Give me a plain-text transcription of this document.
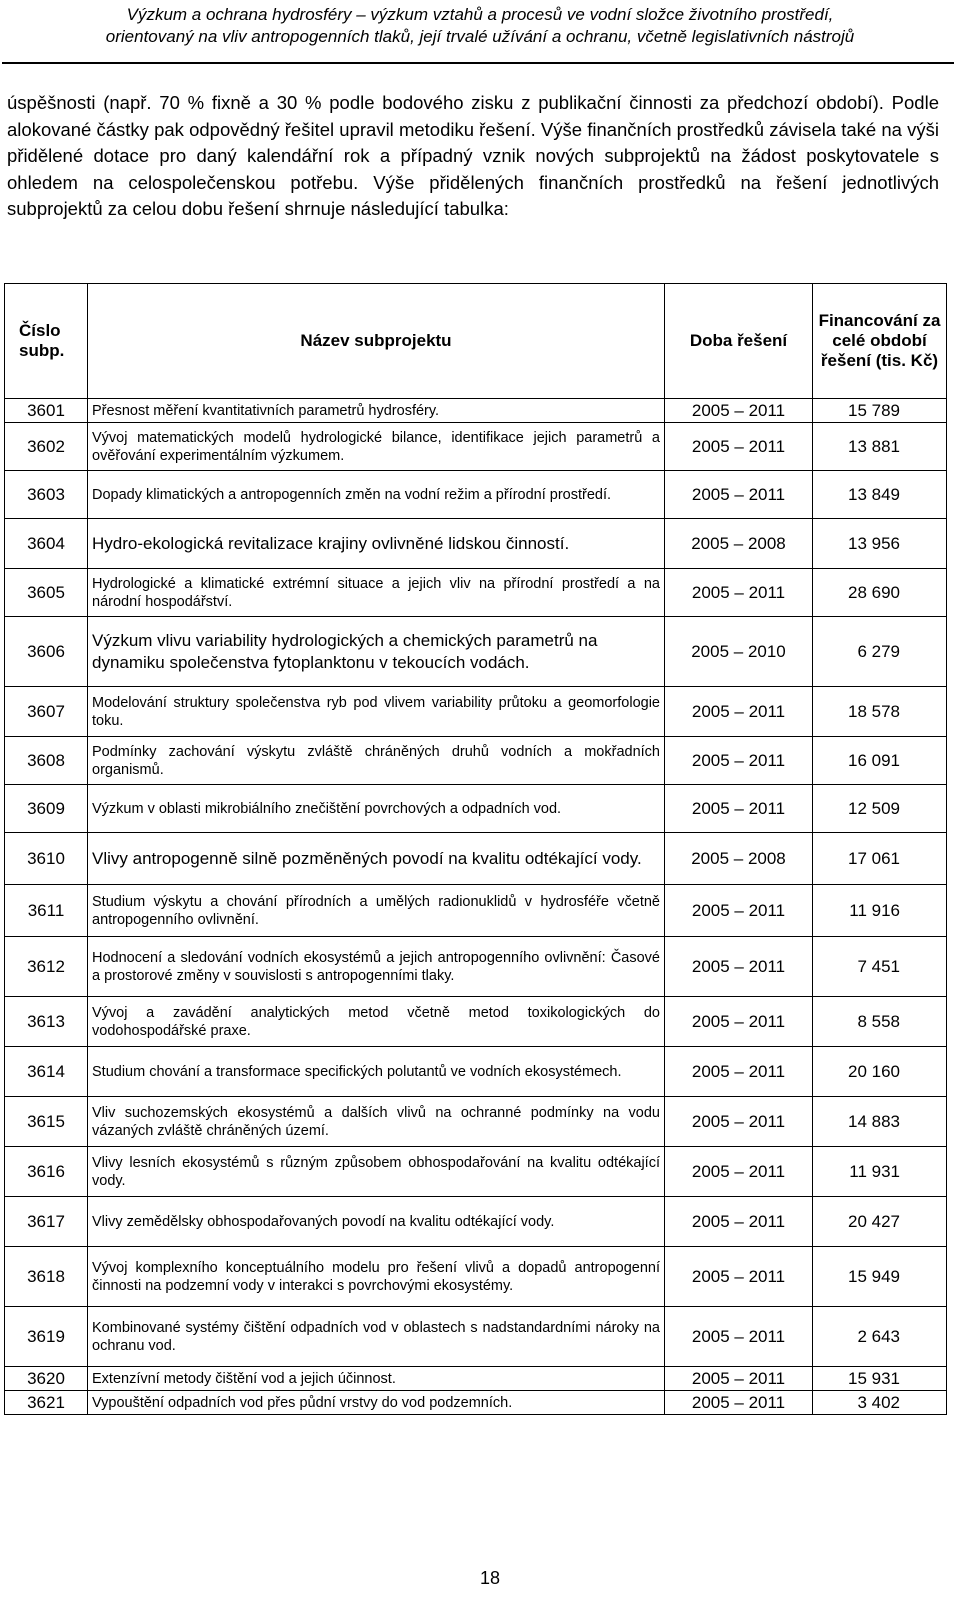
Výzkum a ochrana hydrosféry – výzkum vztahů a procesů ve vodní složce životního prostředí,
orientovaný na vliv antropogenních tlaků, její trvalé užívání a ochranu, včetně legislativních nástrojů

úspěšnosti (např. 70 % fixně a 30 % podle bodového zisku z publikační činnosti za předchozí období). Podle alokované částky pak odpovědný řešitel upravil metodiku řešení. Výše finančních prostředků závisela také na výši přidělené dotace pro daný kalendářní rok a případný vznik nových subprojektů na žádost poskytovatele s ohledem na celospolečenskou potřebu. Výše přidělených finančních prostředků na řešení jednotlivých subprojektů za celou dobu řešení shrnuje následující tabulka:

Číslo subp.	Název subprojektu	Doba řešení	Financování za celé období řešení (tis. Kč)
3601	Přesnost měření kvantitativních parametrů hydrosféry.	2005 – 2011	15 789
3602	Vývoj matematických modelů hydrologické bilance, identifikace jejich parametrů a ověřování experimentálním výzkumem.	2005 – 2011	13 881
3603	Dopady klimatických a antropogenních změn na vodní režim a přírodní prostředí.	2005 – 2011	13 849
3604	Hydro-ekologická revitalizace krajiny ovlivněné lidskou činností.	2005 – 2008	13 956
3605	Hydrologické a klimatické extrémní situace a jejich vliv na přírodní prostředí a na národní hospodářství.	2005 – 2011	28 690
3606	Výzkum vlivu variability hydrologických a chemických parametrů na dynamiku společenstva fytoplanktonu v tekoucích vodách.	2005 – 2010	6 279
3607	Modelování struktury společenstva ryb pod vlivem variability průtoku a geomorfologie toku.	2005 – 2011	18 578
3608	Podmínky zachování výskytu zvláště chráněných druhů vodních a mokřadních organismů.	2005 – 2011	16 091
3609	Výzkum v oblasti mikrobiálního znečištění povrchových a odpadních vod.	2005 – 2011	12 509
3610	Vlivy antropogenně silně pozměněných povodí na kvalitu odtékající vody.	2005 – 2008	17 061
3611	Studium výskytu a chování přírodních a umělých radionuklidů v hydrosféře včetně antropogenního ovlivnění.	2005 – 2011	11 916
3612	Hodnocení a sledování vodních ekosystémů a jejich antropogenního ovlivnění: Časové a prostorové změny v souvislosti s antropogenními tlaky.	2005 – 2011	7 451
3613	Vývoj a zavádění analytických metod včetně metod toxikologických do vodohospodářské praxe.	2005 – 2011	8 558
3614	Studium chování a transformace specifických polutantů ve vodních ekosystémech.	2005 – 2011	20 160
3615	Vliv suchozemských ekosystémů a dalších vlivů na ochranné podmínky na vodu vázaných zvláště chráněných území.	2005 – 2011	14 883
3616	Vlivy lesních ekosystémů s různým způsobem obhospodařování na kvalitu odtékající vody.	2005 – 2011	11 931
3617	Vlivy zemědělsky obhospodařovaných povodí na kvalitu odtékající vody.	2005 – 2011	20 427
3618	Vývoj komplexního konceptuálního modelu pro řešení vlivů a dopadů antropogenní činnosti na podzemní vody v interakci s povrchovými ekosystémy.	2005 – 2011	15 949
3619	Kombinované systémy čištění odpadních vod v oblastech s nadstandardními nároky na ochranu vod.	2005 – 2011	2 643
3620	Extenzívní metody čištění vod a jejich účinnost.	2005 – 2011	15 931
3621	Vypouštění odpadních vod přes půdní vrstvy do vod podzemních.	2005 – 2011	3 402
18
